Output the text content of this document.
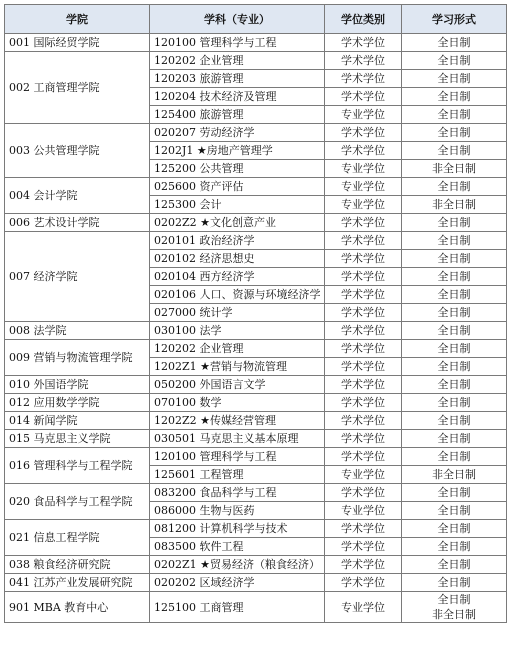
学院	学科（专业）	学位类别	学习形式
001 国际经贸学院	120100 管理科学与工程	学术学位	全日制

002 工商管理学院	120202 企业管理	学术学位	全日制

	120203 旅游管理	学术学位	全日制

	120204 技术经济及管理	学术学位	全日制

	125400 旅游管理	专业学位	全日制

003 公共管理学院	020207 劳动经济学	学术学位	全日制

	1202J1 ★房地产管理学	学术学位	全日制

	125200 公共管理	专业学位	非全日制

004 会计学院	025600 资产评估	专业学位	全日制

	125300 会计	专业学位	非全日制

006 艺术设计学院	0202Z2 ★文化创意产业	学术学位	全日制

007 经济学院	020101 政治经济学	学术学位	全日制

	020102 经济思想史	学术学位	全日制

	020104 西方经济学	学术学位	全日制

	020106 人口、资源与环境经济学	学术学位	全日制

	027000 统计学	学术学位	全日制

008 法学院	030100 法学	学术学位	全日制

009 营销与物流管理学院	120202 企业管理	学术学位	全日制

	1202Z1 ★营销与物流管理	学术学位	全日制

010 外国语学院	050200 外国语言文学	学术学位	全日制

012 应用数学学院	070100 数学	学术学位	全日制

014 新闻学院	1202Z2 ★传媒经营管理	学术学位	全日制

015 马克思主义学院	030501 马克思主义基本原理	学术学位	全日制

016 管理科学与工程学院	120100 管理科学与工程	学术学位	全日制

	125601 工程管理	专业学位	非全日制

020 食品科学与工程学院	083200 食品科学与工程	学术学位	全日制

	086000 生物与医药	专业学位	全日制

021 信息工程学院	081200 计算机科学与技术	学术学位	全日制

	083500 软件工程	学术学位	全日制

038 粮食经济研究院	0202Z1 ★贸易经济（粮食经济）	学术学位	全日制

041 江苏产业发展研究院	020202 区域经济学	学术学位	全日制

901 MBA 教育中心	125100 工商管理	专业学位	全日制
非全日制
